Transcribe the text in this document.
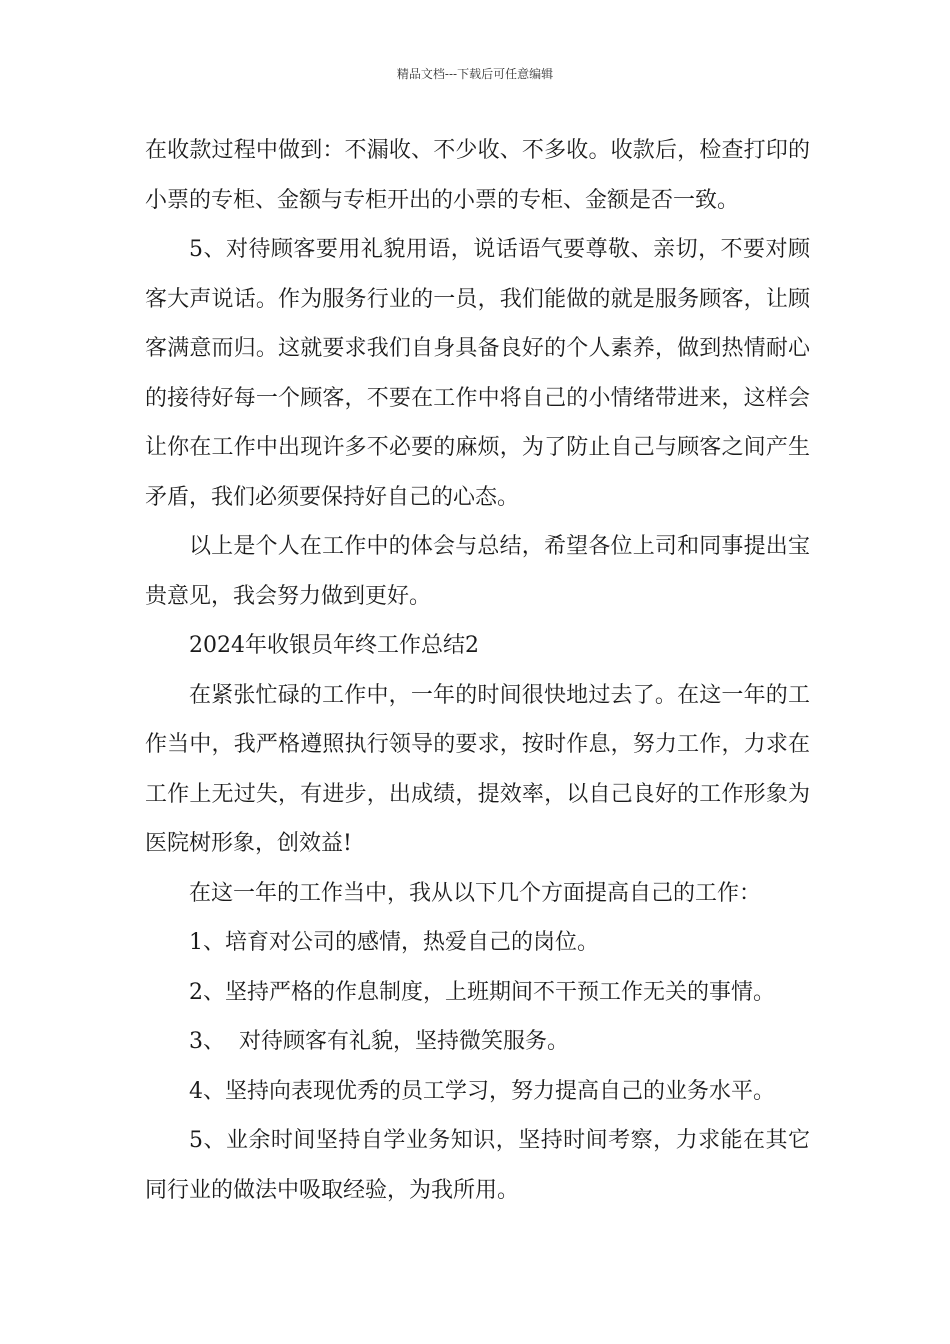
精品文档---下载后可任意编辑

在收款过程中做到：不漏收、不少收、不多收。收款后，检查打印的小票的专柜、金额与专柜开出的小票的专柜、金额是否一致。

5、对待顾客要用礼貌用语，说话语气要尊敬、亲切，不要对顾客大声说话。作为服务行业的一员，我们能做的就是服务顾客，让顾客满意而归。这就要求我们自身具备良好的个人素养，做到热情耐心的接待好每一个顾客，不要在工作中将自己的小情绪带进来，这样会让你在工作中出现许多不必要的麻烦，为了防止自己与顾客之间产生矛盾，我们必须要保持好自己的心态。

以上是个人在工作中的体会与总结，希望各位上司和同事提出宝贵意见，我会努力做到更好。

2024年收银员年终工作总结2

在紧张忙碌的工作中，一年的时间很快地过去了。在这一年的工作当中，我严格遵照执行领导的要求，按时作息，努力工作，力求在工作上无过失，有进步，出成绩，提效率，以自己良好的工作形象为医院树形象，创效益!

在这一年的工作当中，我从以下几个方面提高自己的工作：

1、培育对公司的感情，热爱自己的岗位。

2、坚持严格的作息制度，上班期间不干预工作无关的事情。

3、  对待顾客有礼貌，坚持微笑服务。

4、坚持向表现优秀的员工学习，努力提高自己的业务水平。

5、业余时间坚持自学业务知识，坚持时间考察，力求能在其它同行业的做法中吸取经验，为我所用。
